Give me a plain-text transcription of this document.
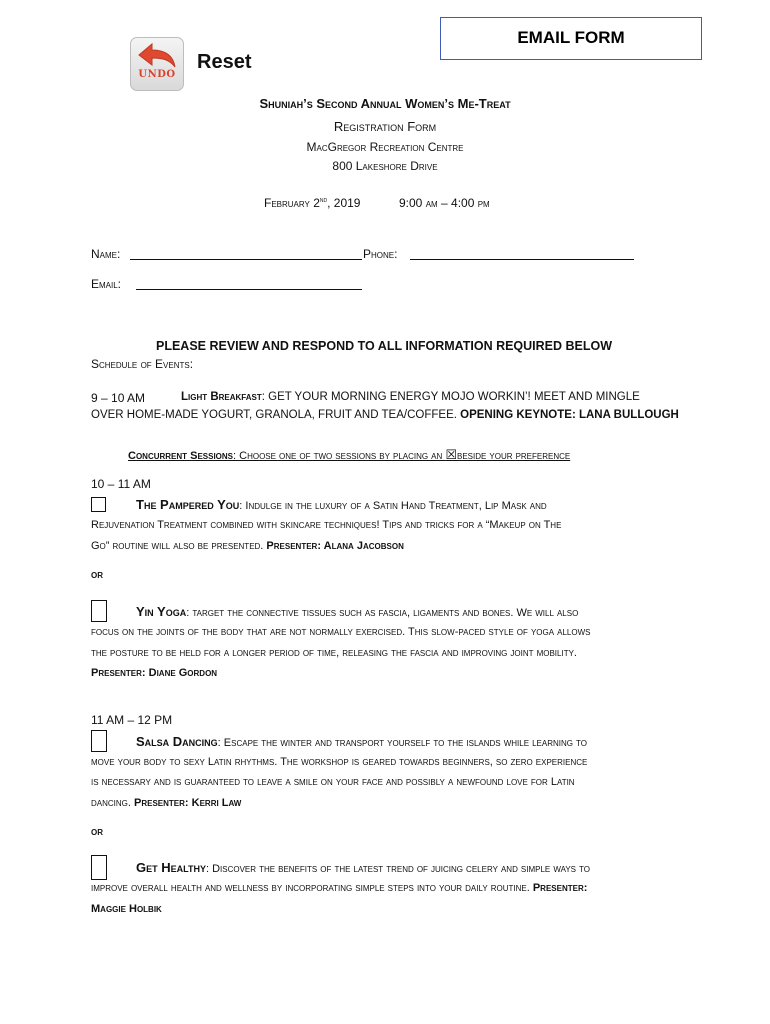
EMAIL FORM
UNDO
Reset
Shuniah’s Second Annual Women’s Me-Treat
Registration Form
MacGregor Recreation Centre
800 Lakeshore Drive
February 2nd, 2019	9:00 am – 4:00 pm
Name:	Phone:
Email:
PLEASE REVIEW AND RESPOND TO ALL INFORMATION REQUIRED BELOW
Schedule of Events:
9 – 10 AM	Light Breakfast: GET YOUR MORNING ENERGY MOJO WORKIN’! MEET AND MINGLE
OVER HOME-MADE YOGURT, GRANOLA, FRUIT AND TEA/COFFEE. OPENING KEYNOTE: LANA BULLOUGH
Concurrent Sessions: Choose one of two sessions by placing an ☒beside your preference
10 – 11 AM
The Pampered You: Indulge in the luxury of a Satin Hand Treatment, Lip Mask and
Rejuvenation Treatment combined with skincare techniques! Tips and tricks for a “Makeup on The
Go” routine will also be presented. Presenter: Alana Jacobson
or
Yin Yoga: target the connective tissues such as fascia, ligaments and bones. We will also
focus on the joints of the body that are not normally exercised. This slow-paced style of yoga allows
the posture to be held for a longer period of time, releasing the fascia and improving joint mobility.
Presenter: Diane Gordon
11 AM – 12 PM
Salsa Dancing: Escape the winter and transport yourself to the islands while learning to
move your body to sexy Latin rhythms. The workshop is geared towards beginners, so zero experience
is necessary and is guaranteed to leave a smile on your face and possibly a newfound love for Latin
dancing. Presenter: Kerri Law
or
Get Healthy: Discover the benefits of the latest trend of juicing celery and simple ways to
improve overall health and wellness by incorporating simple steps into your daily routine. Presenter:
Maggie Holbik
